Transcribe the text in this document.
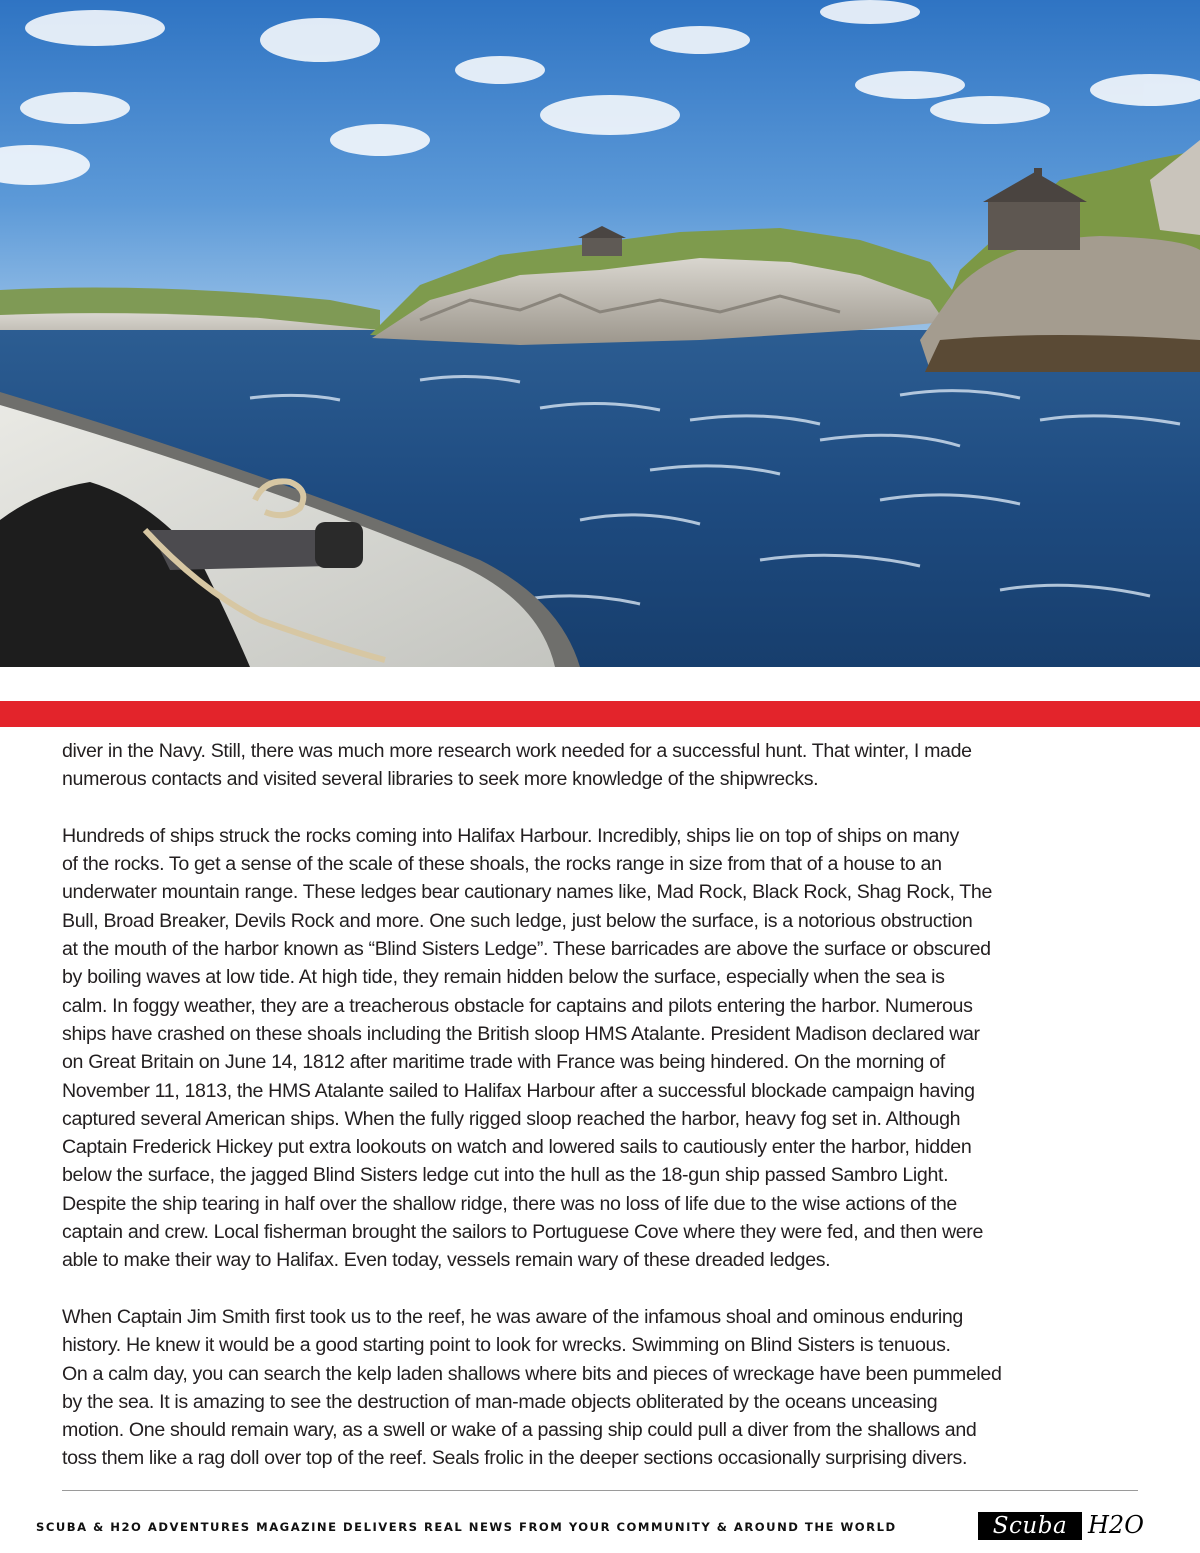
diver in the Navy. Still, there was much more research work needed for a successful hunt. That winter, I made
numerous contacts and visited several libraries to seek more knowledge of the shipwrecks.

Hundreds of ships struck the rocks coming into Halifax Harbour. Incredibly, ships lie on top of ships on many
of the rocks. To get a sense of the scale of these shoals, the rocks range in size from that of a house to an
underwater mountain range. These ledges bear cautionary names like, Mad Rock, Black Rock, Shag Rock, The
Bull, Broad Breaker, Devils Rock and more. One such ledge, just below the surface, is a notorious obstruction
at the mouth of the harbor known as “Blind Sisters Ledge”. These barricades are above the surface or obscured
by boiling waves at low tide. At high tide, they remain hidden below the surface, especially when the sea is
calm. In foggy weather, they are a treacherous obstacle for captains and pilots entering the harbor. Numerous
ships have crashed on these shoals including the British sloop HMS Atalante. President Madison declared war
on Great Britain on June 14, 1812 after maritime trade with France was being hindered. On the morning of
November 11, 1813, the HMS Atalante sailed to Halifax Harbour after a successful blockade campaign having
captured several American ships. When the fully rigged sloop reached the harbor, heavy fog set in. Although
Captain Frederick Hickey put extra lookouts on watch and lowered sails to cautiously enter the harbor, hidden
below the surface, the jagged Blind Sisters ledge cut into the hull as the 18-gun ship passed Sambro Light.
Despite the ship tearing in half over the shallow ridge, there was no loss of life due to the wise actions of the
captain and crew. Local fisherman brought the sailors to Portuguese Cove where they were fed, and then were
able to make their way to Halifax. Even today, vessels remain wary of these dreaded ledges.

When Captain Jim Smith first took us to the reef, he was aware of the infamous shoal and ominous enduring
history. He knew it would be a good starting point to look for wrecks. Swimming on Blind Sisters is tenuous.
On a calm day, you can search the kelp laden shallows where bits and pieces of wreckage have been pummeled
by the sea. It is amazing to see the destruction of man-made objects obliterated by the oceans unceasing
motion. One should remain wary, as a swell or wake of a passing ship could pull a diver from the shallows and
toss them like a rag doll over top of the reef. Seals frolic in the deeper sections occasionally surprising divers.

SCUBA & H2O ADVENTURES MAGAZINE DELIVERS REAL NEWS FROM YOUR COMMUNITY & AROUND THE WORLD	Scuba H2O
